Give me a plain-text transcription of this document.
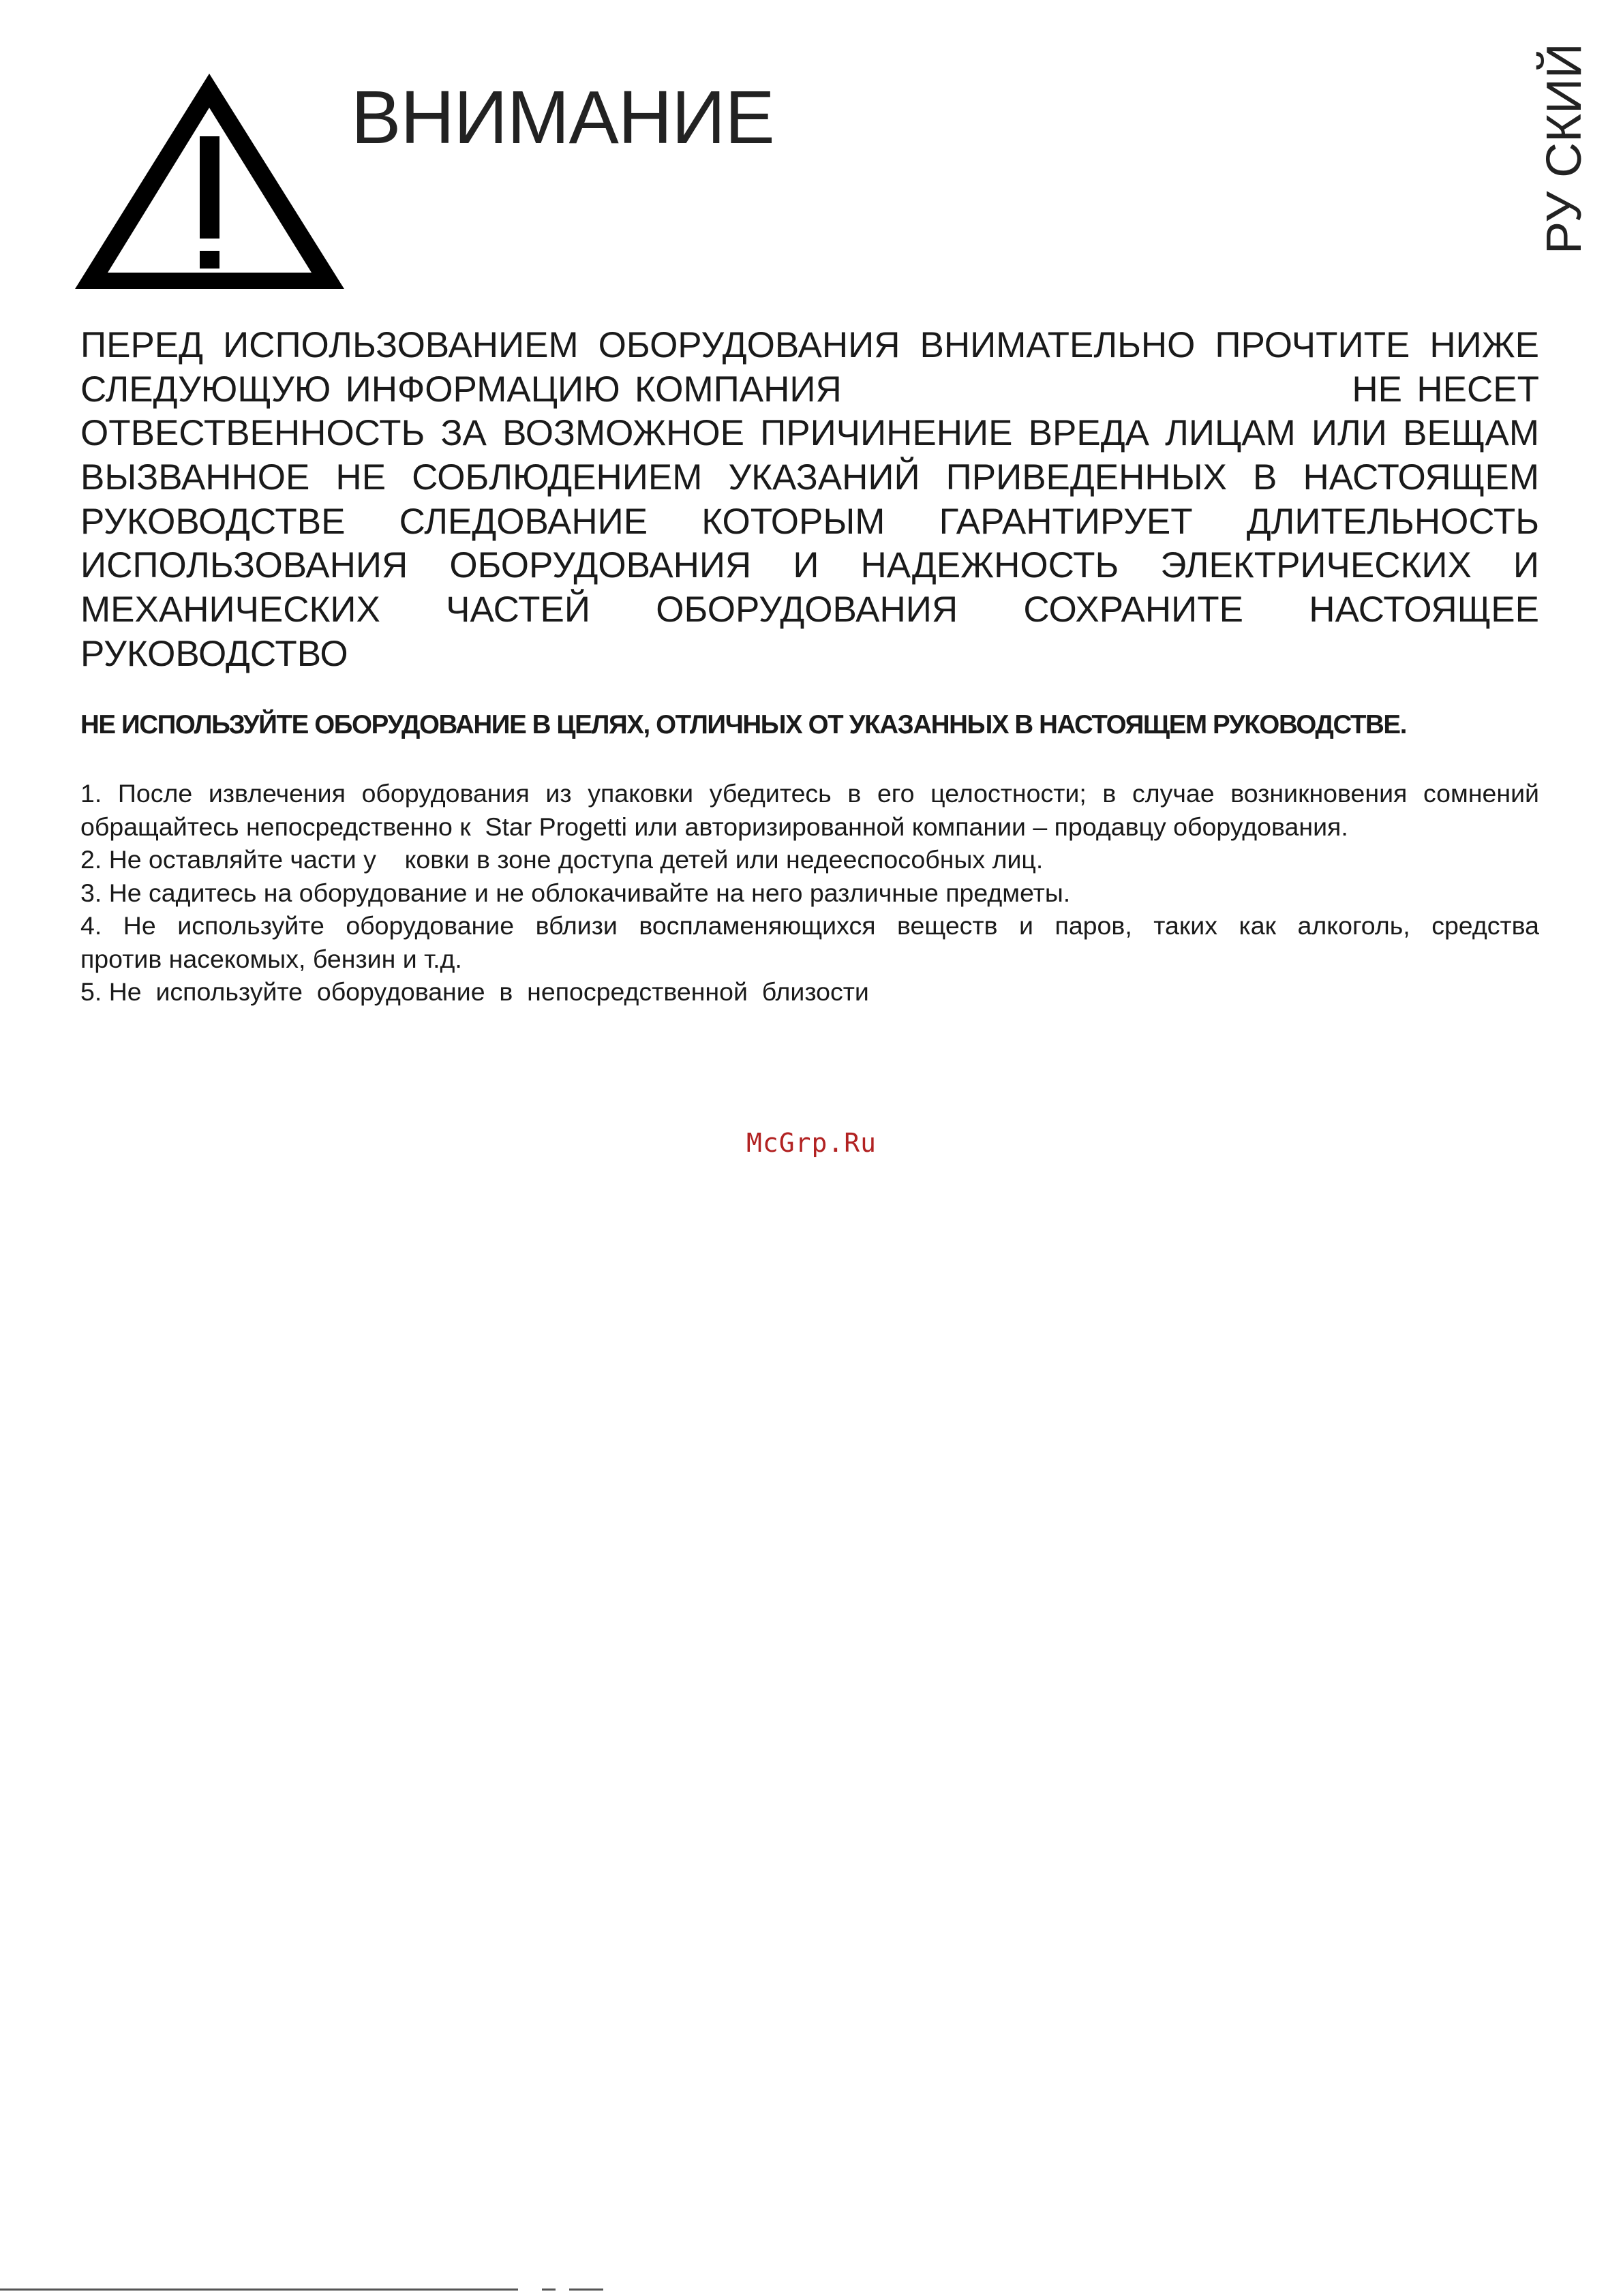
ВНИМАНИЕ	РУ СКИЙ
ПЕРЕД ИСПОЛЬЗОВАНИЕМ ОБОРУДОВАНИЯ ВНИМАТЕЛЬНО ПРОЧТИТЕ НИЖЕ
СЛЕДУЮЩУЮ ИНФОРМАЦИЮ КОМПАНИЯ                                   НЕ НЕСЕТ
ОТВЕСТВЕННОСТЬ ЗА ВОЗМОЖНОЕ ПРИЧИНЕНИЕ ВРЕДА ЛИЦАМ ИЛИ ВЕЩАМ
ВЫЗВАННОЕ НЕ СОБЛЮДЕНИЕМ УКАЗАНИЙ ПРИВЕДЕННЫХ В НАСТОЯЩЕМ
РУКОВОДСТВЕ СЛЕДОВАНИЕ КОТОРЫМ ГАРАНТИРУЕТ ДЛИТЕЛЬНОСТЬ
ИСПОЛЬЗОВАНИЯ ОБОРУДОВАНИЯ И НАДЕЖНОСТЬ ЭЛЕКТРИЧЕСКИХ И
МЕХАНИЧЕСКИХ ЧАСТЕЙ ОБОРУДОВАНИЯ СОХРАНИТЕ НАСТОЯЩЕЕ
РУКОВОДСТВО
НЕ ИСПОЛЬЗУЙТЕ ОБОРУДОВАНИЕ В ЦЕЛЯХ, ОТЛИЧНЫХ ОТ УКАЗАННЫХ В НАСТОЯЩЕМ РУКОВОДСТВЕ.
1. После извлечения оборудования из упаковки убедитесь в его целостности; в случае возникновения сомнений
обращайтесь непосредственно к  Star Progetti или авторизированной компании – продавцу оборудования.
2. Не оставляйте части у    ковки в зоне доступа детей или недееспособных лиц.
3. Не садитесь на оборудование и не облокачивайте на него различные предметы.
4. Не используйте оборудование вблизи воспламеняющихся веществ и паров, таких как алкоголь, средства
против насекомых, бензин и т.д.
5. Не  используйте  оборудование  в  непосредственной  близости
McGrp.Ru
